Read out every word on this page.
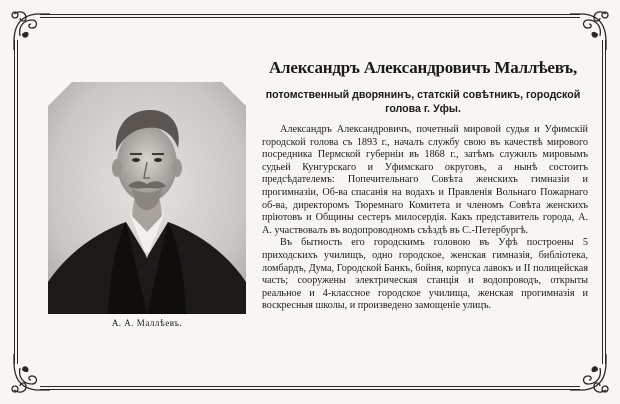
А. А. Маллѣевъ.
Александръ Александровичъ Маллѣевъ,
потомственный дворянинъ, статскій совѣтникъ, городской голова г. Уфы.

Александръ Александровичъ, почетный мировой судья и Уфимскій городской голова съ 1893 г., началъ службу свою въ качествѣ мирового посредника Пермской губерніи въ 1868 г., затѣмъ служилъ мировымъ судьей Кунгурскаго и Уфимскаго округовъ, а нынѣ состоитъ предсѣдателемъ: Попечительнаго Совѣта женскихъ гимназіи и прогимназіи, Об-ва спасанія на водахъ и Правленія Вольнаго Пожарнаго об-ва, директоромъ Тюремнаго Комитета и членомъ Совѣта женскихъ пріютовъ и Общины сестеръ милосердія. Какъ представитель города, А. А. участвовалъ въ водопроводномъ съѣздѣ въ С.-Петербургѣ.

Въ бытность его городскимъ головою въ Уфѣ построены 5 приходскихъ училищъ, одно городское, женская гимназія, библіотека, ломбардъ, Дума, Городской Банкъ, бойня, корпуса лавокъ и II полицейская часть; сооружены электрическая станція и водопроводъ, открыты реальное и 4-классное городское училища, женская прогимназія и воскресныя школы, и произведено замощеніе улицъ.
